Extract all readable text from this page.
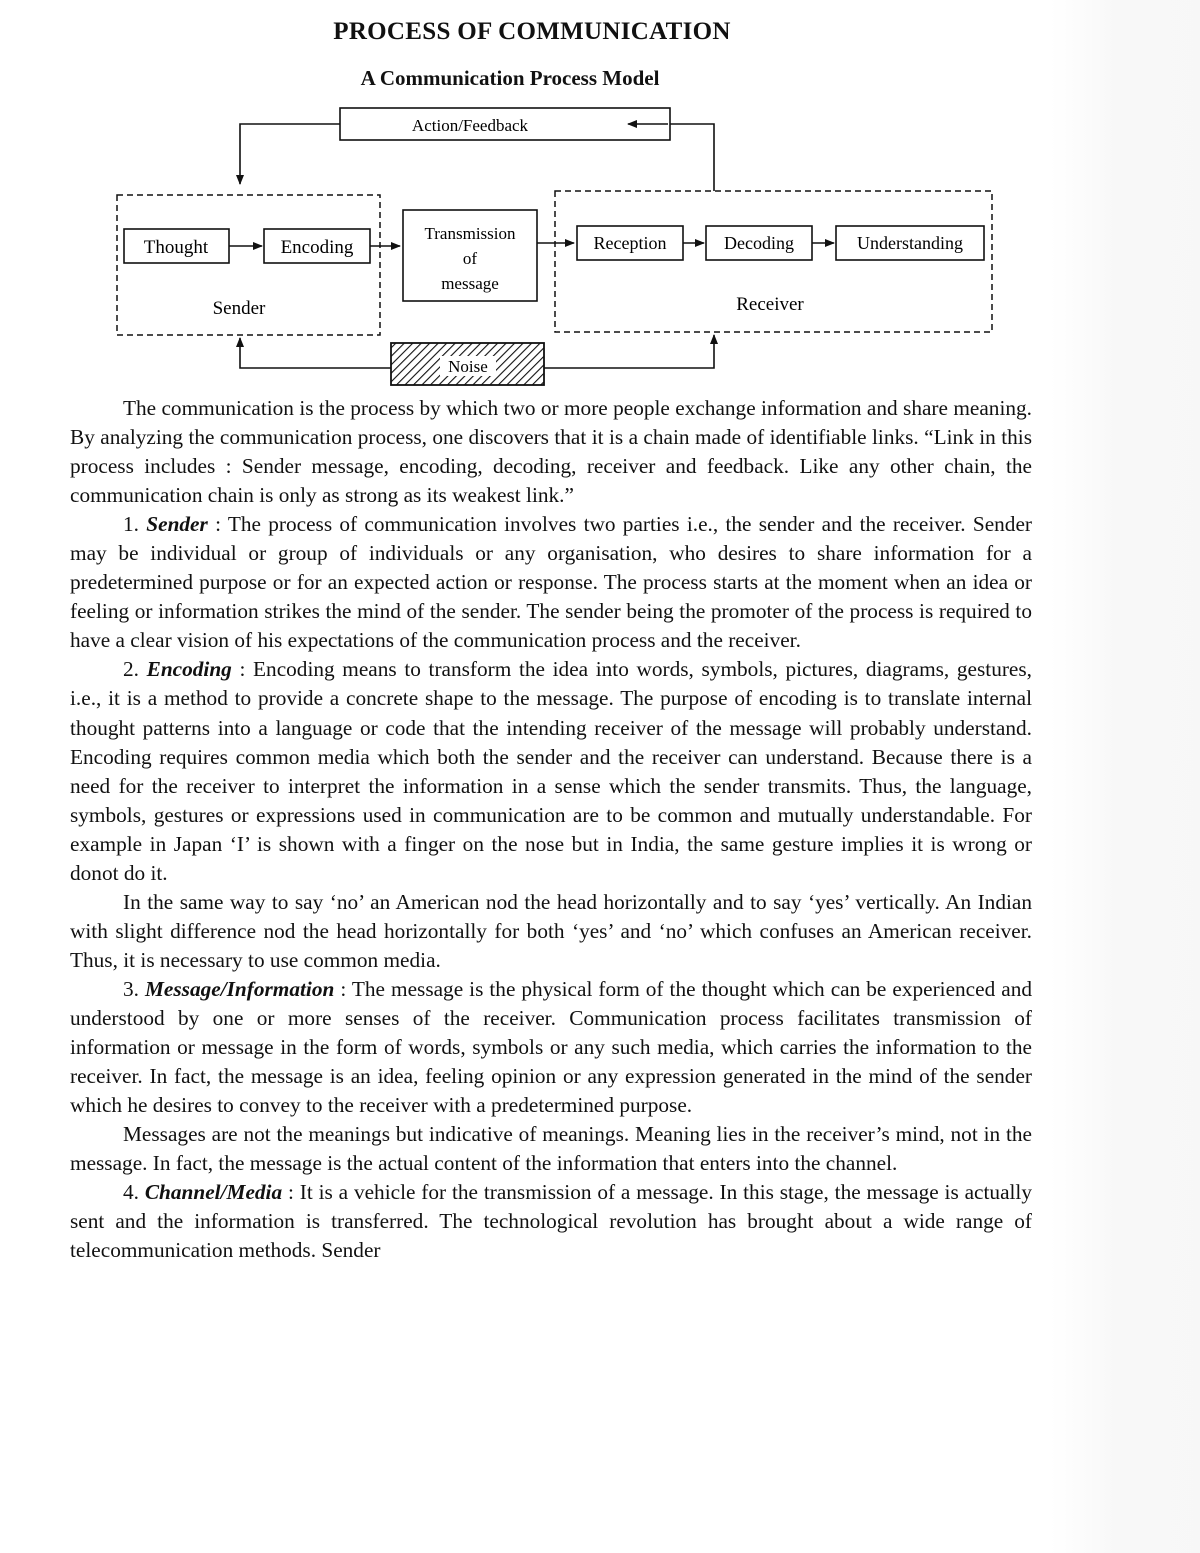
PROCESS OF COMMUNICATION
A Communication Process Model
Action/Feedback
Sender
Thought	Encoding
Transmission
of
message
Receiver
Reception	Decoding	Understanding
Noise

The communication is the process by which two or more people exchange information and share meaning. By analyzing the communication process, one discovers that it is a chain made of identifiable links. “Link in this process includes : Sender message, encoding, decoding, receiver and feedback. Like any other chain, the communication chain is only as strong as its weakest link.”

1. Sender : The process of communication involves two parties i.e., the sender and the receiver. Sender may be individual or group of individuals or any organisation, who desires to share information for a predetermined purpose or for an expected action or response. The process starts at the moment when an idea or feeling or information strikes the mind of the sender. The sender being the promoter of the process is required to have a clear vision of his expectations of the communication process and the receiver.

2. Encoding : Encoding means to transform the idea into words, symbols, pictures, diagrams, gestures, i.e., it is a method to provide a concrete shape to the message. The purpose of encoding is to translate internal thought patterns into a language or code that the intending receiver of the message will probably understand. Encoding requires common media which both the sender and the receiver can understand. Because there is a need for the receiver to interpret the information in a sense which the sender transmits. Thus, the language, symbols, gestures or expressions used in communication are to be common and mutually understandable. For example in Japan ‘I’ is shown with a finger on the nose but in India, the same gesture implies it is wrong or donot do it.

In the same way to say ‘no’ an American nod the head horizontally and to say ‘yes’ vertically. An Indian with slight difference nod the head horizontally for both ‘yes’ and ‘no’ which confuses an American receiver. Thus, it is necessary to use common media.

3. Message/Information : The message is the physical form of the thought which can be experienced and understood by one or more senses of the receiver. Communication process facilitates transmission of information or message in the form of words, symbols or any such media, which carries the information to the receiver. In fact, the message is an idea, feeling opinion or any expression generated in the mind of the sender which he desires to convey to the receiver with a predetermined purpose.

Messages are not the meanings but indicative of meanings. Meaning lies in the receiver’s mind, not in the message. In fact, the message is the actual content of the information that enters into the channel.

4. Channel/Media : It is a vehicle for the transmission of a message. In this stage, the message is actually sent and the information is transferred. The technological revolution has brought about a wide range of telecommunication methods. Sender
